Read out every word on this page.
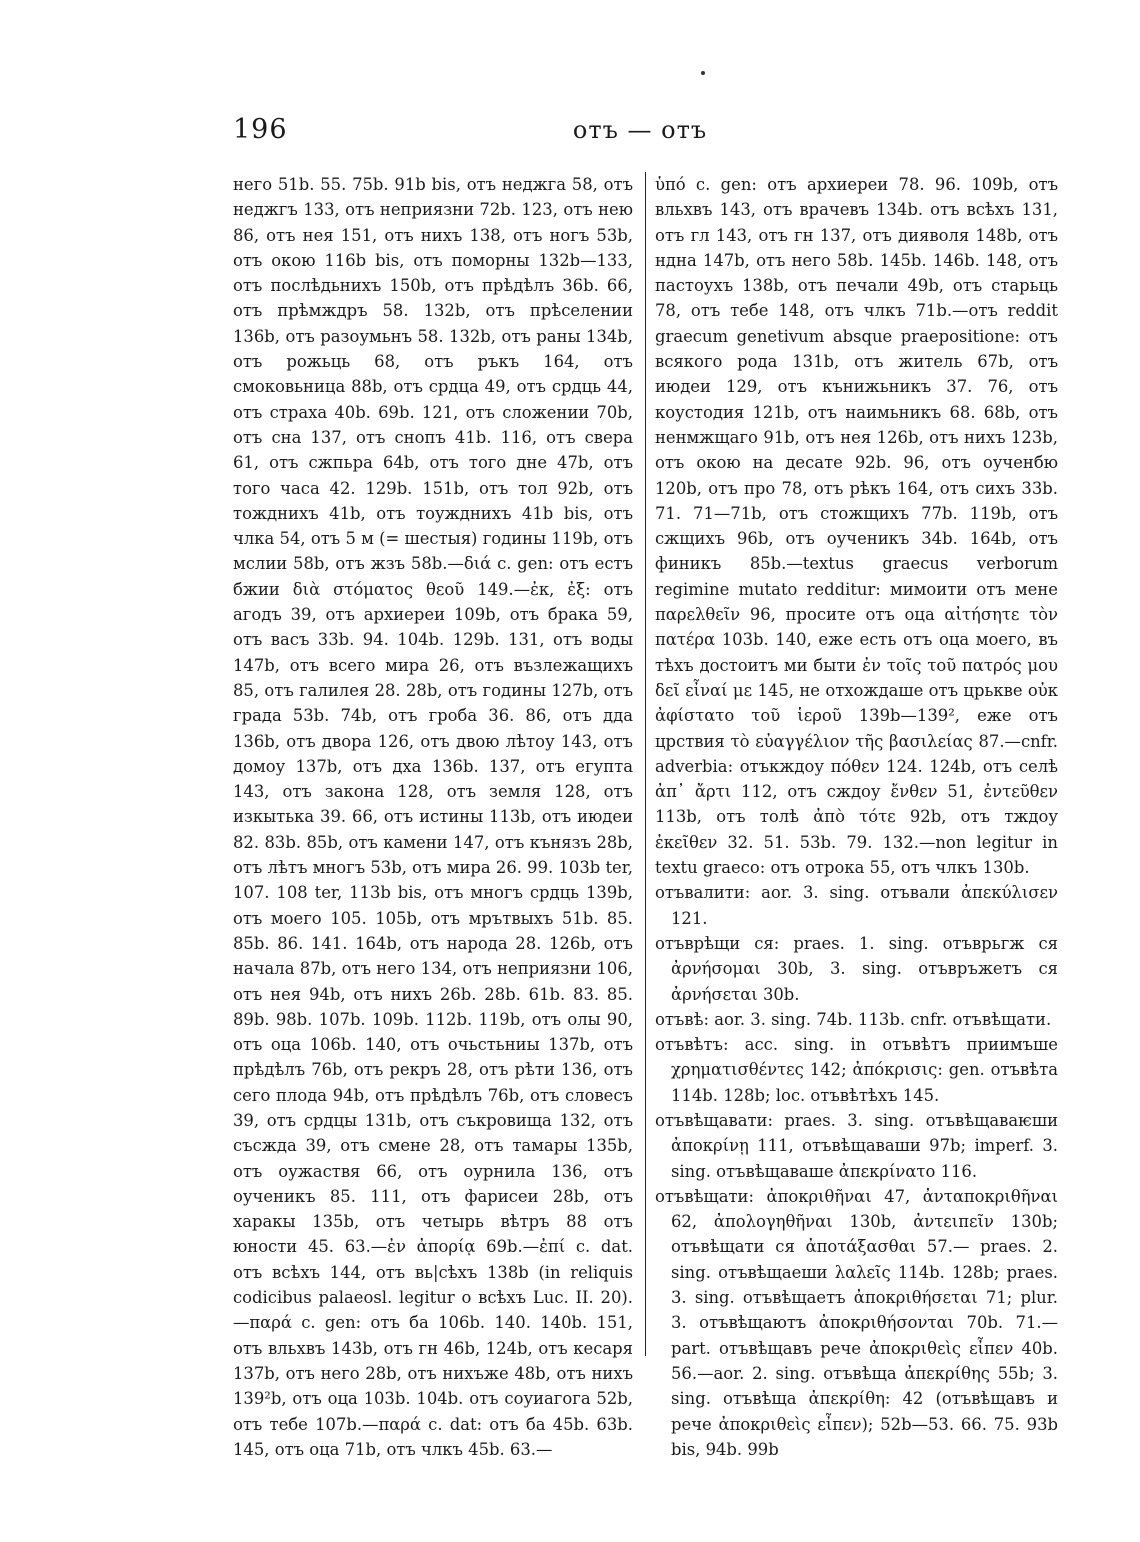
196	отъ — отъ

него 51b. 55. 75b. 91b bis, отъ неджга 58, отъ неджгъ 133, отъ неприязни 72b. 123, отъ нею 86, отъ нея 151, отъ нихъ 138, отъ ногъ 53b, отъ окою 116b bis, отъ поморны 132b—133, отъ послѣдьнихъ 150b, отъ прѣдѣлъ 36b. 66, отъ прѣмждръ 58. 132b, отъ прѣселении 136b, отъ разоумьнъ 58. 132b, отъ раны 134b, отъ рожьць 68, отъ ръкъ 164, отъ смоковьница 88b, отъ срдца 49, отъ срдць 44, отъ страха 40b. 69b. 121, отъ сложении 70b, отъ сна 137, отъ снопъ 41b. 116, отъ свера 61, отъ сжпьра 64b, отъ того дне 47b, отъ того часа 42. 129b. 151b, отъ тол 92b, отъ тожднихъ 41b, отъ тоужднихъ 41b bis, отъ члка 54, отъ 5 м (= шестыя) годины 119b, отъ мслии 58b, отъ жзъ 58b.—διά c. gen: отъ естъ бжии διὰ στόματος θεοῦ 149.—ἐκ, ἐξ: отъ агодъ 39, отъ архиереи 109b, отъ брака 59, отъ васъ 33b. 94. 104b. 129b. 131, отъ воды 147b, отъ всего мира 26, отъ възлежащихъ 85, отъ галилея 28. 28b, отъ годины 127b, отъ града 53b. 74b, отъ гроба 36. 86, отъ дда 136b, отъ двора 126, отъ двою лѣтоу 143, отъ домоу 137b, отъ дха 136b. 137, отъ егупта 143, отъ закона 128, отъ земля 128, отъ изкытька 39. 66, отъ истины 113b, отъ июдеи 82. 83b. 85b, отъ камени 147, отъ кънязъ 28b, отъ лѣтъ многъ 53b, отъ мира 26. 99. 103b ter, 107. 108 ter, 113b bis, отъ многъ срдць 139b, отъ моего 105. 105b, отъ мрътвыхъ 51b. 85. 85b. 86. 141. 164b, отъ народа 28. 126b, отъ начала 87b, отъ него 134, отъ неприязни 106, отъ нея 94b, отъ нихъ 26b. 28b. 61b. 83. 85. 89b. 98b. 107b. 109b. 112b. 119b, отъ олы 90, отъ оца 106b. 140, отъ очьстьниы 137b, отъ прѣдѣлъ 76b, отъ рекръ 28, отъ рѣти 136, отъ сего плода 94b, отъ прѣдѣлъ 76b, отъ словесъ 39, отъ срдцы 131b, отъ съкровища 132, отъ съсжда 39, отъ смене 28, отъ тамары 135b, отъ оужаствя 66, отъ оурнила 136, отъ оученикъ 85. 111, отъ фарисеи 28b, отъ харакы 135b, отъ четырь вѣтръ 88 отъ юности 45. 63.—ἐν ἀπορίᾳ 69b.—ἐπί c. dat. отъ всѣхъ 144, отъ вь|сѣхъ 138b (in reliquis codicibus palaeosl. legitur о всѣхъ Luc. II. 20).—παρά c. gen: отъ ба 106b. 140. 140b. 151, отъ вльхвъ 143b, отъ гн 46b, 124b, отъ кесаря 137b, отъ него 28b, отъ нихъже 48b, отъ нихъ 139²b, отъ оца 103b. 104b. отъ соуиагога 52b, отъ тебе 107b.—παρά c. dat: отъ ба 45b. 63b. 145, отъ оца 71b, отъ члкъ 45b. 63.—

ὑπό c. gen: отъ архиереи 78. 96. 109b, отъ вльхвъ 143, отъ врачевъ 134b. отъ всѣхъ 131, отъ гл 143, отъ гн 137, отъ дияволя 148b, отъ ндна 147b, отъ него 58b. 145b. 146b. 148, отъ пастоухъ 138b, отъ печали 49b, отъ старьць 78, отъ тебе 148, отъ члкъ 71b.—отъ reddit graecum genetivum absque praepositione: отъ всякого рода 131b, отъ житель 67b, отъ июдеи 129, отъ кънижьникъ 37. 76, отъ коустодия 121b, отъ наимьникъ 68. 68b, отъ ненмжщаго 91b, отъ нея 126b, отъ нихъ 123b, отъ окою на десате 92b. 96, отъ оученбю 120b, отъ про 78, отъ рѣкъ 164, отъ сихъ 33b. 71. 71—71b, отъ стожщихъ 77b. 119b, отъ сжщихъ 96b, отъ оученикъ 34b. 164b, отъ финикъ 85b.—textus graecus verborum regimine mutato redditur: мимоити отъ мене παρελθεῖν 96, просите отъ оца αἰτήσητε τὸν πατέρα 103b. 140, еже есть отъ оца моего, въ тѣхъ достоитъ ми быти ἐν τοῖς τοῦ πατρός μου δεῖ εἶναί με 145, не отхождаше отъ црькве οὐκ ἀφίστατο τοῦ ἱεροῦ 139b—139², еже отъ црствия τὸ εὐαγγέλιον τῆς βασιλείας 87.—cnfr. adverbia: отъкждоу πόθεν 124. 124b, отъ селѣ ἀπ᾿ ἄρτι 112, отъ сждоу ἔνθεν 51, ἐντεῦθεν 113b, отъ толѣ ἀπὸ τότε 92b, отъ тждоу ἐκεῖθεν 32. 51. 53b. 79. 132.—non legitur in textu graeco: отъ отрока 55, отъ члкъ 130b.

отъвалити: aor. 3. sing. отъвали ἀπεκύλισεν 121.

отъврѣщи ся: praes. 1. sing. отъврьгж ся ἀρνήσομαι 30b, 3. sing. отъвръжетъ ся ἀρνήσεται 30b.

отъвѣ: aor. 3. sing. 74b. 113b. cnfr. отъвѣщати.

отъвѣтъ: acc. sing. in отъвѣтъ приимъше χρηματισθέντες 142; ἀπόκρισις: gen. отъвѣта 114b. 128b; loc. отъвѣтѣхъ 145.

отъвѣщавати: praes. 3. sing. отъвѣщаваѥши ἀποκρίνῃ 111, отъвѣщаваши 97b; imperf. 3. sing. отъвѣщаваше ἀπεκρίνατο 116.

отъвѣщати: ἀποκριθῆναι 47, ἀνταποκριθῆναι 62, ἀπολογηθῆναι 130b, ἀντειπεῖν 130b; отъвѣщати ся ἀποτάξασθαι 57.— praes. 2. sing. отъвѣщаеши λαλεῖς 114b. 128b; praes. 3. sing. отъвѣщаетъ ἀποκριθήσεται 71; plur. 3. отъвѣщаютъ ἀποκριθήσονται 70b. 71.—part. отъвѣщавъ рече ἀποκριθεὶς εἶπεν 40b. 56.—aor. 2. sing. отъвѣща ἀπεκρίθης 55b; 3. sing. отъвѣща ἀπεκρίθη: 42 (отъвѣщавъ и рече ἀποκριθεὶς εἶπεν); 52b—53. 66. 75. 93b bis, 94b. 99b
